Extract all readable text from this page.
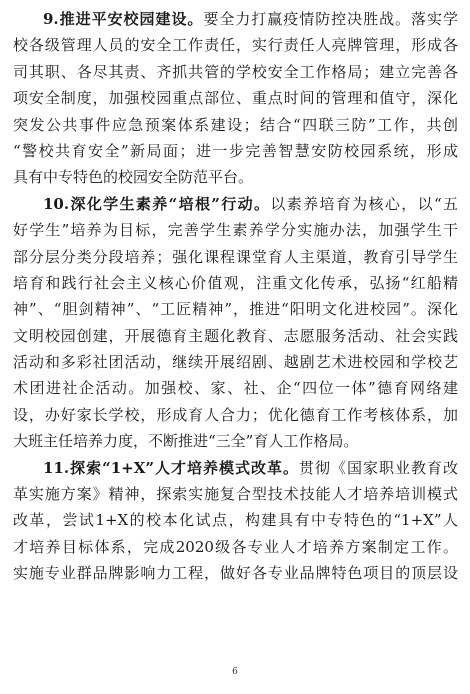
9.推进平安校园建设。要全力打赢疫情防控决胜战。落实学
校各级管理人员的安全工作责任，实行责任人亮牌管理，形成各
司其职、各尽其责、齐抓共管的学校安全工作格局；建立完善各
项安全制度，加强校园重点部位、重点时间的管理和值守，深化
突发公共事件应急预案体系建设；结合“四联三防”工作，共创
“警校共育安全”新局面；进一步完善智慧安防校园系统，形成
具有中专特色的校园安全防范平台。
10.深化学生素养“培根”行动。以素养培育为核心，以“五
好学生”培养为目标，完善学生素养学分实施办法，加强学生干
部分层分类分段培养；强化课程课堂育人主渠道，教育引导学生
培育和践行社会主义核心价值观，注重文化传承，弘扬“红船精
神”、“胆剑精神”、“工匠精神”，推进“阳明文化进校园”。深化
文明校园创建，开展德育主题化教育、志愿服务活动、社会实践
活动和多彩社团活动，继续开展绍剧、越剧艺术进校园和学校艺
术团进社企活动。加强校、家、社、企“四位一体”德育网络建
设，办好家长学校，形成育人合力；优化德育工作考核体系，加
大班主任培养力度，不断推进“三全”育人工作格局。
11.探索“1+X”人才培养模式改革。贯彻《国家职业教育改
革实施方案》精神，探索实施复合型技术技能人才培养培训模式
改革，尝试1+X的校本化试点，构建具有中专特色的“1+X”人
才培养目标体系，完成2020级各专业人才培养方案制定工作。
实施专业群品牌影响力工程，做好各专业品牌特色项目的顶层设
6
